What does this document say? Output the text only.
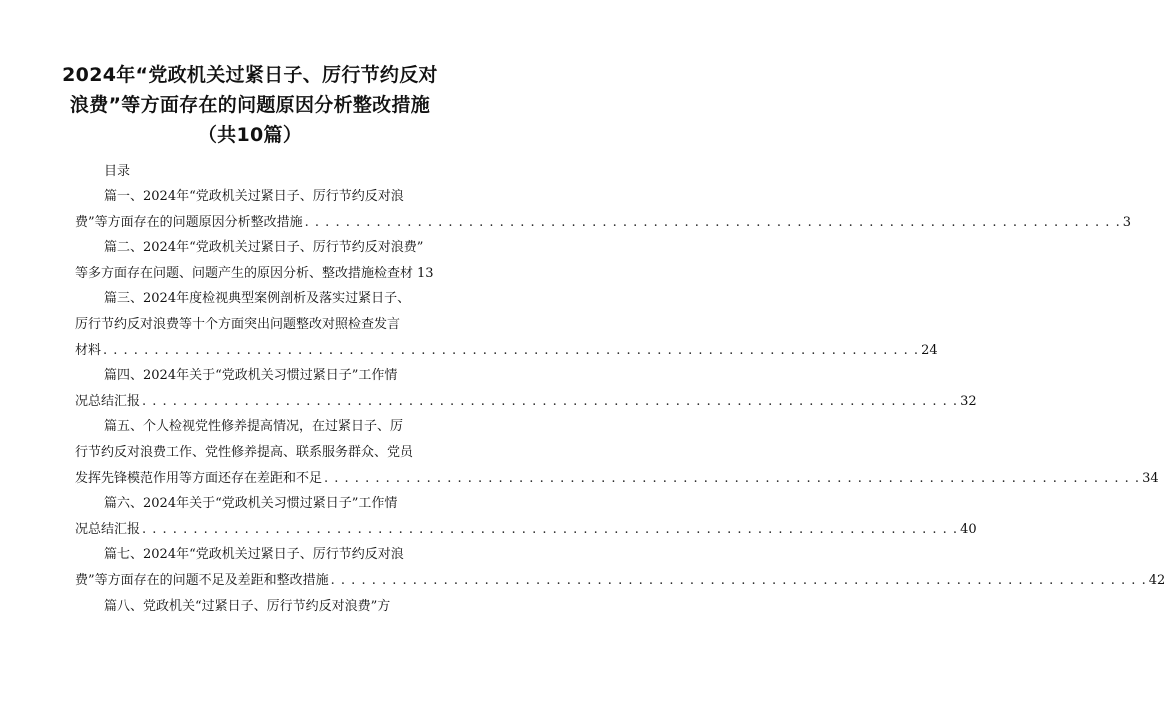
2024年“党政机关过紧日子、厉行节约反对
浪费”等方面存在的问题原因分析整改措施
（共10篇）
目录
篇一、2024年“党政机关过紧日子、厉行节约反对浪
费”等方面存在的问题原因分析整改措施 . . . . . . . . . . . . . . . . . . . . . . . . . . . . . . . . . . . . . . . . . . . . . . . . . . . . . . . . . . . . . . . . . . . . . . . . . . . . . . . . 3
篇二、2024年“党政机关过紧日子、厉行节约反对浪费”
等多方面存在问题、问题产生的原因分析、整改措施检查材 13
篇三、2024年度检视典型案例剖析及落实过紧日子、
厉行节约反对浪费等十个方面突出问题整改对照检查发言
材料 . . . . . . . . . . . . . . . . . . . . . . . . . . . . . . . . . . . . . . . . . . . . . . . . . . . . . . . . . . . . . . . . . . . . . . . . . . . . . . . . 24
篇四、2024年关于“党政机关习惯过紧日子”工作情
况总结汇报 . . . . . . . . . . . . . . . . . . . . . . . . . . . . . . . . . . . . . . . . . . . . . . . . . . . . . . . . . . . . . . . . . . . . . . . . . . . . . . . . 32
篇五、个人检视党性修养提高情况，在过紧日子、厉
行节约反对浪费工作、党性修养提高、联系服务群众、党员
发挥先锋模范作用等方面还存在差距和不足 . . . . . . . . . . . . . . . . . . . . . . . . . . . . . . . . . . . . . . . . . . . . . . . . . . . . . . . . . . . . . . . . . . . . . . . . . . . . . . . . 34
篇六、2024年关于“党政机关习惯过紧日子”工作情
况总结汇报 . . . . . . . . . . . . . . . . . . . . . . . . . . . . . . . . . . . . . . . . . . . . . . . . . . . . . . . . . . . . . . . . . . . . . . . . . . . . . . . . 40
篇七、2024年“党政机关过紧日子、厉行节约反对浪
费”等方面存在的问题不足及差距和整改措施 . . . . . . . . . . . . . . . . . . . . . . . . . . . . . . . . . . . . . . . . . . . . . . . . . . . . . . . . . . . . . . . . . . . . . . . . . . . . . . . . 42
篇八、党政机关“过紧日子、厉行节约反对浪费”方
